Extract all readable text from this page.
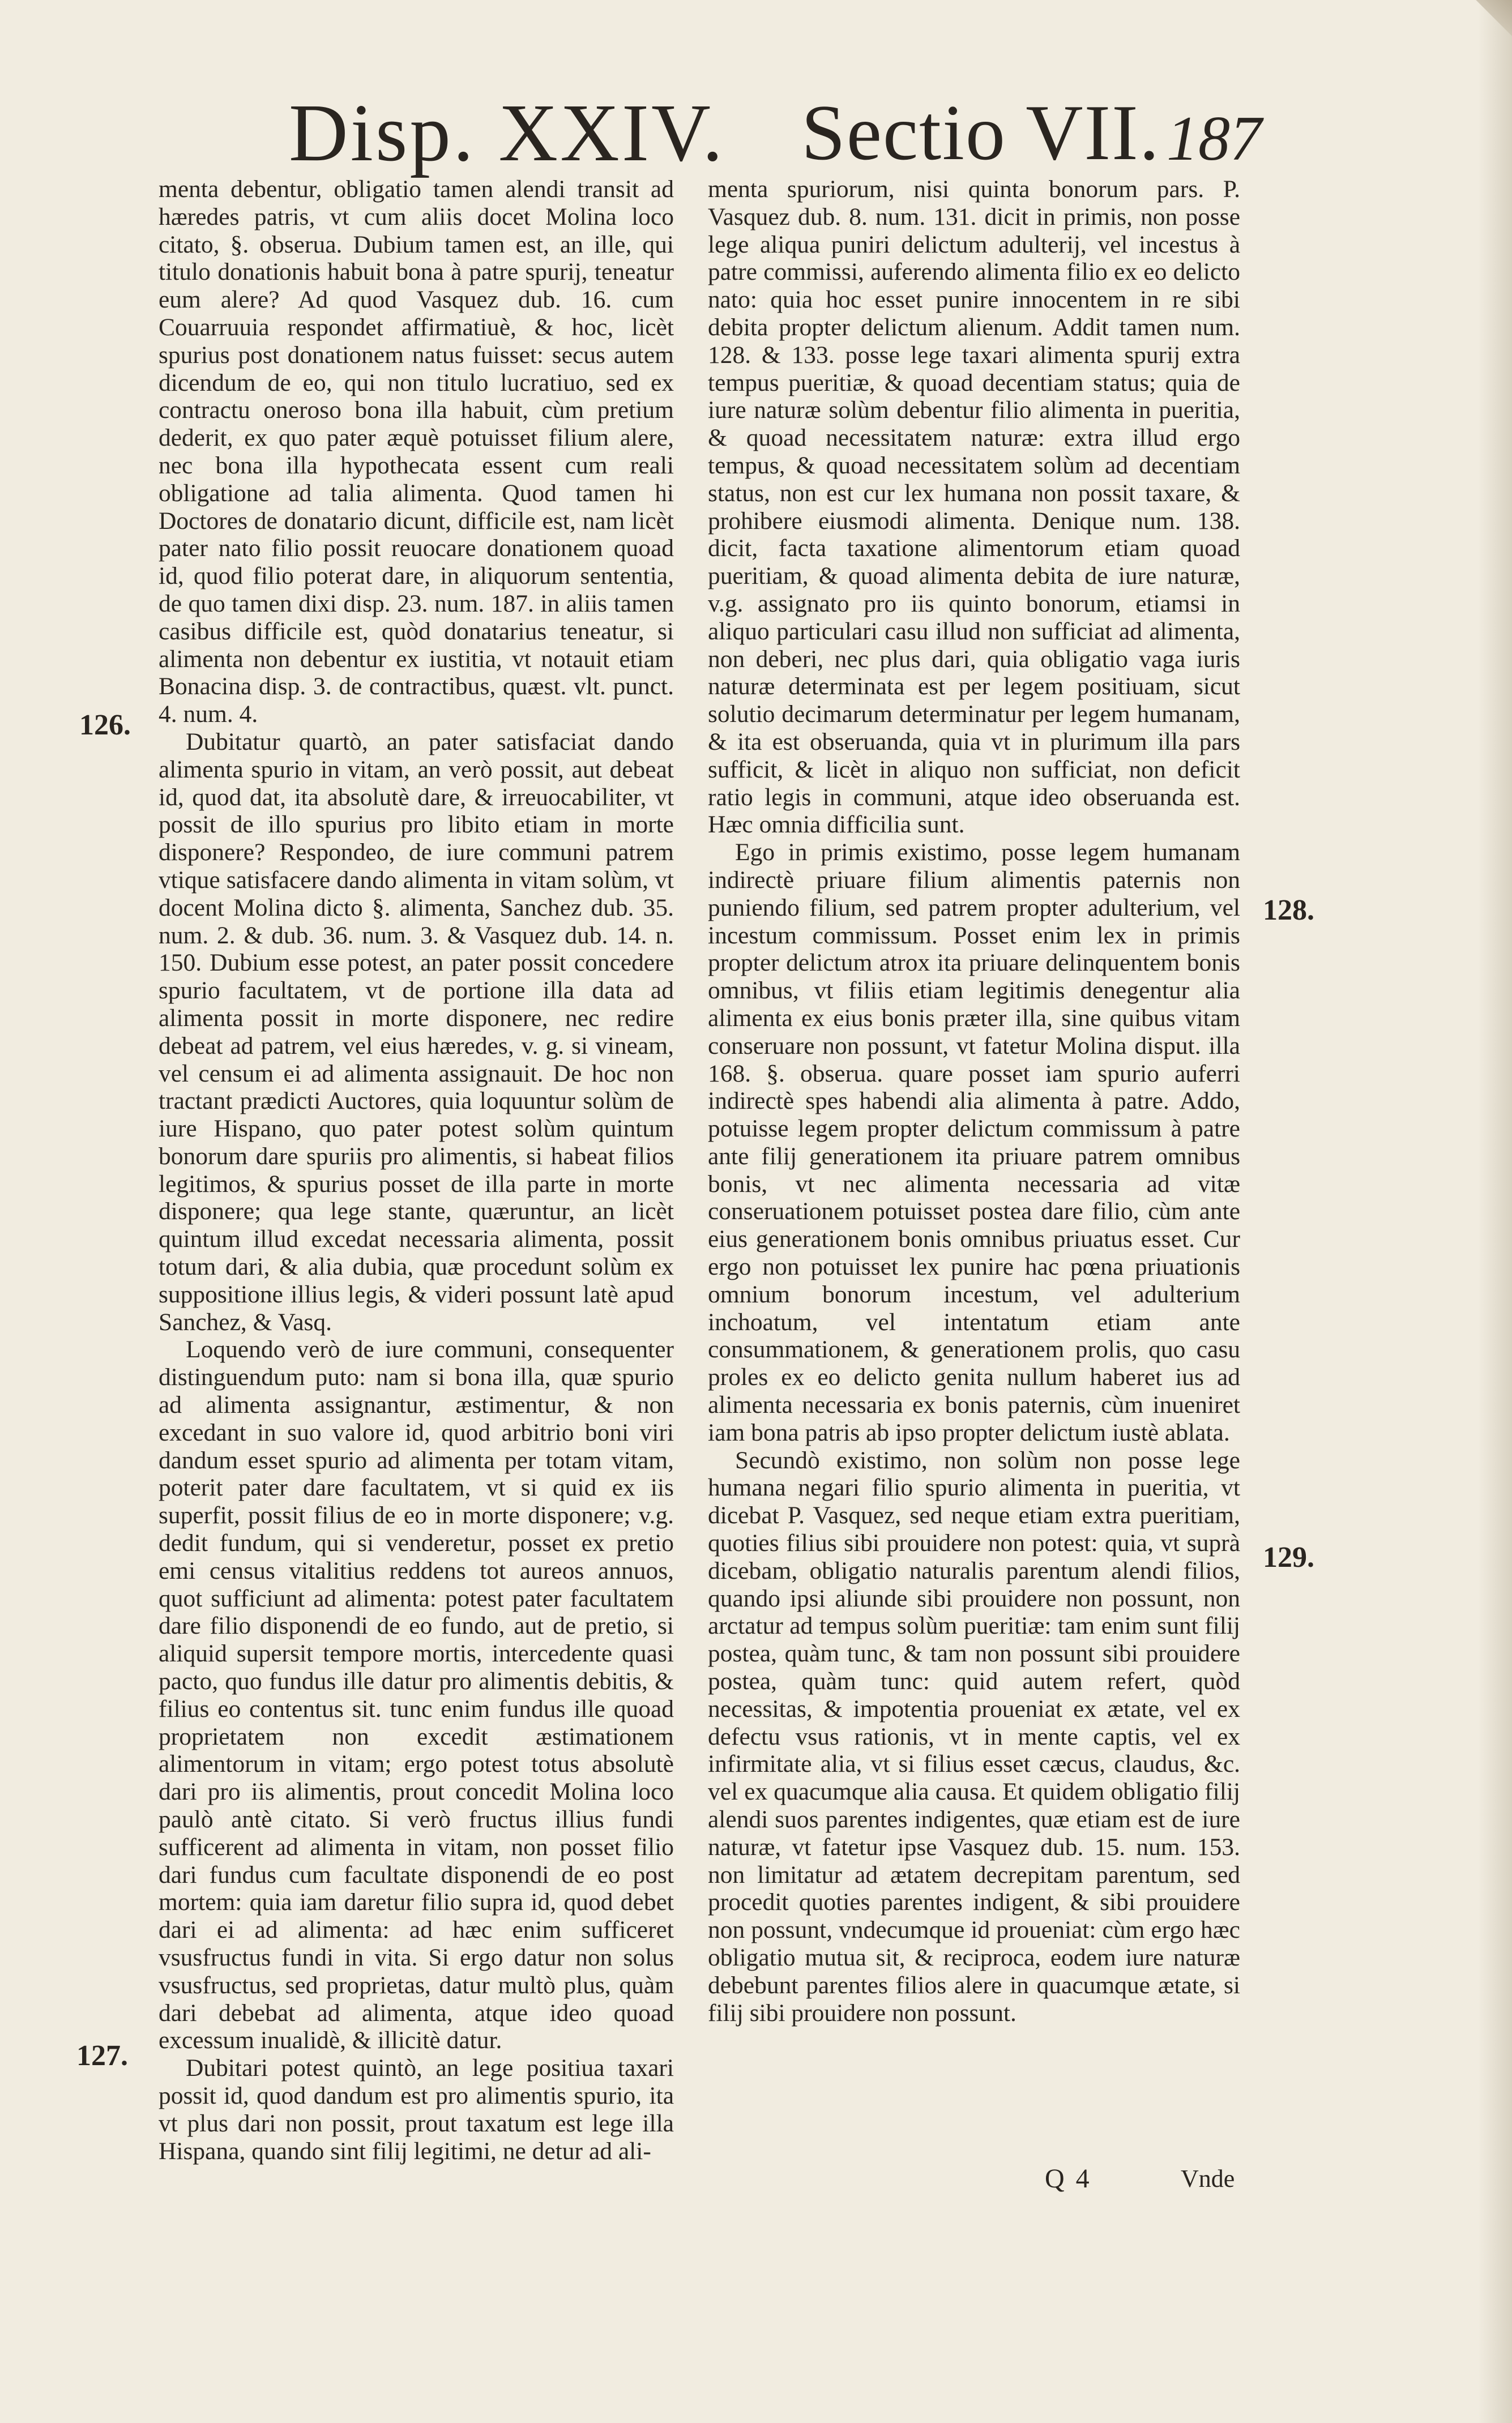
Disp. XXIV. Sectio VII. 187

menta debentur, obligatio tamen alendi transit ad hæredes patris, vt cum aliis docet Molina loco citato, §. obserua. Dubium tamen est, an ille, qui titulo donationis habuit bona à patre spurij, teneatur eum alere? Ad quod Vasquez dub. 16. cum Couarruuia respondet affirmatiuè, & hoc, licèt spurius post donationem natus fuisset: secus autem dicendum de eo, qui non titulo lucratiuo, sed ex contractu oneroso bona illa habuit, cùm pretium dederit, ex quo pater æquè potuisset filium alere, nec bona illa hypothecata essent cum reali obligatione ad talia alimenta. Quod tamen hi Doctores de donatario dicunt, difficile est, nam licèt pater nato filio possit reuocare donationem quoad id, quod filio poterat dare, in aliquorum sententia, de quo tamen dixi disp. 23. num. 187. in aliis tamen casibus difficile est, quòd donatarius teneatur, si alimenta non debentur ex iustitia, vt notauit etiam Bonacina disp. 3. de contractibus, quæst. vlt. punct. 4. num. 4.

Dubitatur quartò, an pater satisfaciat dando alimenta spurio in vitam, an verò possit, aut debeat id, quod dat, ita absolutè dare, & irreuocabiliter, vt possit de illo spurius pro libito etiam in morte disponere? Respondeo, de iure communi patrem vtique satisfacere dando alimenta in vitam solùm, vt docent Molina dicto §. alimenta, Sanchez dub. 35. num. 2. & dub. 36. num. 3. & Vasquez dub. 14. n. 150. Dubium esse potest, an pater possit concedere spurio facultatem, vt de portione illa data ad alimenta possit in morte disponere, nec redire debeat ad patrem, vel eius hæredes, v. g. si vineam, vel censum ei ad alimenta assignauit. De hoc non tractant prædicti Auctores, quia loquuntur solùm de iure Hispano, quo pater potest solùm quintum bonorum dare spuriis pro alimentis, si habeat filios legitimos, & spurius posset de illa parte in morte disponere; qua lege stante, quæruntur, an licèt quintum illud excedat necessaria alimenta, possit totum dari, & alia dubia, quæ procedunt solùm ex suppositione illius legis, & videri possunt latè apud Sanchez, & Vasq.

Loquendo verò de iure communi, consequenter distinguendum puto: nam si bona illa, quæ spurio ad alimenta assignantur, æstimentur, & non excedant in suo valore id, quod arbitrio boni viri dandum esset spurio ad alimenta per totam vitam, poterit pater dare facultatem, vt si quid ex iis superfit, possit filius de eo in morte disponere; v.g. dedit fundum, qui si venderetur, posset ex pretio emi census vitalitius reddens tot aureos annuos, quot sufficiunt ad alimenta: potest pater facultatem dare filio disponendi de eo fundo, aut de pretio, si aliquid supersit tempore mortis, intercedente quasi pacto, quo fundus ille datur pro alimentis debitis, & filius eo contentus sit. tunc enim fundus ille quoad proprietatem non excedit æstimationem alimentorum in vitam; ergo potest totus absolutè dari pro iis alimentis, prout concedit Molina loco paulò antè citato. Si verò fructus illius fundi sufficerent ad alimenta in vitam, non posset filio dari fundus cum facultate disponendi de eo post mortem: quia iam daretur filio supra id, quod debet dari ei ad alimenta: ad hæc enim sufficeret vsusfructus fundi in vita. Si ergo datur non solus vsusfructus, sed proprietas, datur multò plus, quàm dari debebat ad alimenta, atque ideo quoad excessum inualidè, & illicitè datur.

Dubitari potest quintò, an lege positiua taxari possit id, quod dandum est pro alimentis spurio, ita vt plus dari non possit, prout taxatum est lege illa Hispana, quando sint filij legitimi, ne detur ad ali-

menta spuriorum, nisi quinta bonorum pars. P. Vasquez dub. 8. num. 131. dicit in primis, non posse lege aliqua puniri delictum adulterij, vel incestus à patre commissi, auferendo alimenta filio ex eo delicto nato: quia hoc esset punire innocentem in re sibi debita propter delictum alienum. Addit tamen num. 128. & 133. posse lege taxari alimenta spurij extra tempus pueritiæ, & quoad decentiam status; quia de iure naturæ solùm debentur filio alimenta in pueritia, & quoad necessitatem naturæ: extra illud ergo tempus, & quoad necessitatem solùm ad decentiam status, non est cur lex humana non possit taxare, & prohibere eiusmodi alimenta. Denique num. 138. dicit, facta taxatione alimentorum etiam quoad pueritiam, & quoad alimenta debita de iure naturæ, v.g. assignato pro iis quinto bonorum, etiamsi in aliquo particulari casu illud non sufficiat ad alimenta, non deberi, nec plus dari, quia obligatio vaga iuris naturæ determinata est per legem positiuam, sicut solutio decimarum determinatur per legem humanam, & ita est obseruanda, quia vt in plurimum illa pars sufficit, & licèt in aliquo non sufficiat, non deficit ratio legis in communi, atque ideo obseruanda est. Hæc omnia difficilia sunt.

Ego in primis existimo, posse legem humanam indirectè priuare filium alimentis paternis non puniendo filium, sed patrem propter adulterium, vel incestum commissum. Posset enim lex in primis propter delictum atrox ita priuare delinquentem bonis omnibus, vt filiis etiam legitimis denegentur alia alimenta ex eius bonis præter illa, sine quibus vitam conseruare non possunt, vt fatetur Molina disput. illa 168. §. obserua. quare posset iam spurio auferri indirectè spes habendi alia alimenta à patre. Addo, potuisse legem propter delictum commissum à patre ante filij generationem ita priuare patrem omnibus bonis, vt nec alimenta necessaria ad vitæ conseruationem potuisset postea dare filio, cùm ante eius generationem bonis omnibus priuatus esset. Cur ergo non potuisset lex punire hac pœna priuationis omnium bonorum incestum, vel adulterium inchoatum, vel intentatum etiam ante consummationem, & generationem prolis, quo casu proles ex eo delicto genita nullum haberet ius ad alimenta necessaria ex bonis paternis, cùm inueniret iam bona patris ab ipso propter delictum iustè ablata.

Secundò existimo, non solùm non posse lege humana negari filio spurio alimenta in pueritia, vt dicebat P. Vasquez, sed neque etiam extra pueritiam, quoties filius sibi prouidere non potest: quia, vt suprà dicebam, obligatio naturalis parentum alendi filios, quando ipsi aliunde sibi prouidere non possunt, non arctatur ad tempus solùm pueritiæ: tam enim sunt filij postea, quàm tunc, & tam non possunt sibi prouidere postea, quàm tunc: quid autem refert, quòd necessitas, & impotentia proueniat ex ætate, vel ex defectu vsus rationis, vt in mente captis, vel ex infirmitate alia, vt si filius esset cæcus, claudus, &c. vel ex quacumque alia causa. Et quidem obligatio filij alendi suos parentes indigentes, quæ etiam est de iure naturæ, vt fatetur ipse Vasquez dub. 15. num. 153. non limitatur ad ætatem decrepitam parentum, sed procedit quoties parentes indigent, & sibi prouidere non possunt, vndecumque id proueniat: cùm ergo hæc obligatio mutua sit, & reciproca, eodem iure naturæ debebunt parentes filios alere in quacumque ætate, si filij sibi prouidere non possunt.

126.
127.
128.
129.
Q 4	Vnde
